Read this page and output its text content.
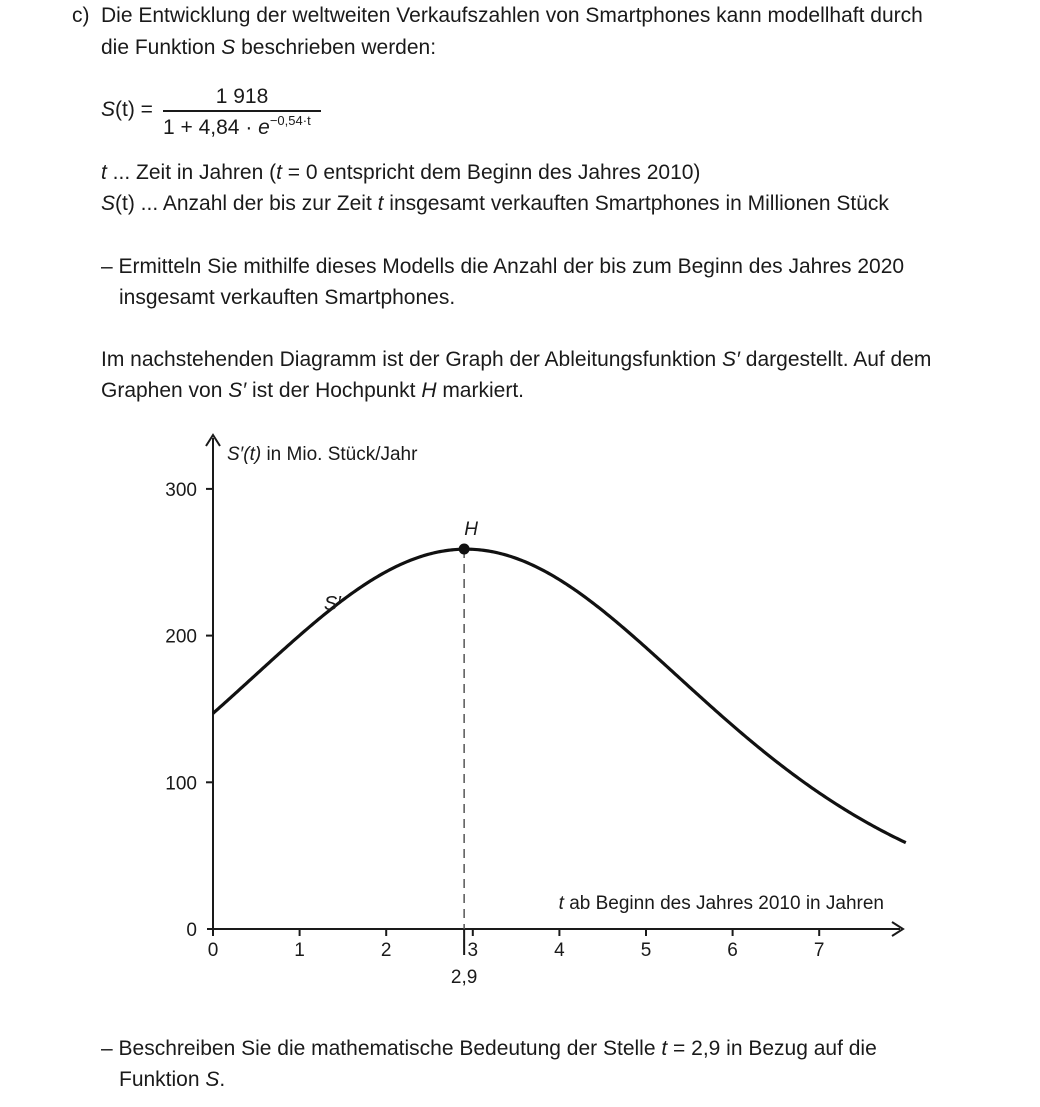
c) Die Entwicklung der weltweiten Verkaufszahlen von Smartphones kann modellhaft durch
die Funktion S beschrieben werden:
S(t) =
1 918
$1 + 4,84 \cdot e^{-0,54\cdot t}$
t ... Zeit in Jahren (t = 0 entspricht dem Beginn des Jahres 2010)
S(t) ... Anzahl der bis zur Zeit t insgesamt verkauften Smartphones in Millionen Stück
– Ermitteln Sie mithilfe dieses Modells die Anzahl der bis zum Beginn des Jahres 2020
insgesamt verkauften Smartphones.
Im nachstehenden Diagramm ist der Graph der Ableitungsfunktion S′ dargestellt. Auf dem
Graphen von S′ ist der Hochpunkt H markiert.
S′(t) in Mio. Stück/Jahr
t ab Beginn des Jahres 2010 in Jahren
0
100
200
300
0	1	2	3	4	5	6	7
S′
H
2,9
– Beschreiben Sie die mathematische Bedeutung der Stelle t = 2,9 in Bezug auf die
Funktion S.
